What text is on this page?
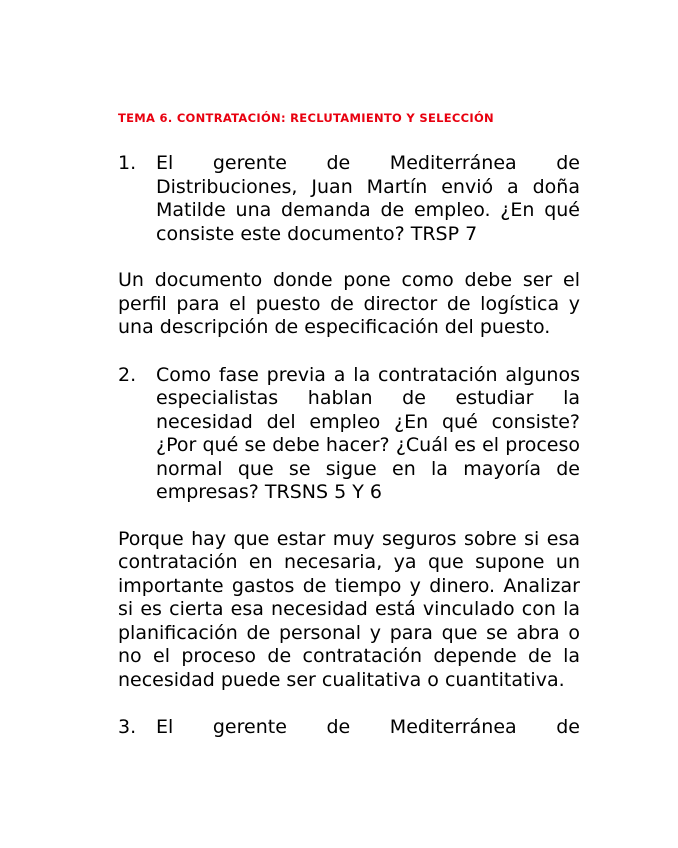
TEMA 6. CONTRATACIÓN: RECLUTAMIENTO Y SELECCIÓN
1.	El gerente de Mediterránea de Distribuciones, Juan Martín envió a doña Matilde una demanda de empleo. ¿En qué consiste este documento? TRSP 7
Un documento donde pone como debe ser el perfil para el puesto de director de logística y una descripción de especificación del puesto.
2.	Como fase previa a la contratación algunos especialistas hablan de estudiar la necesidad del empleo ¿En qué consiste? ¿Por qué se debe hacer? ¿Cuál es el proceso normal que se sigue en la mayoría de empresas? TRSNS 5 Y 6
Porque hay que estar muy seguros sobre si esa contratación en necesaria, ya que supone un importante gastos de tiempo y dinero. Analizar si es cierta esa necesidad está vinculado con la planificación de personal y para que se abra o no el proceso de contratación depende de la necesidad puede ser cualitativa o cuantitativa.
3.	El gerente de Mediterránea de
